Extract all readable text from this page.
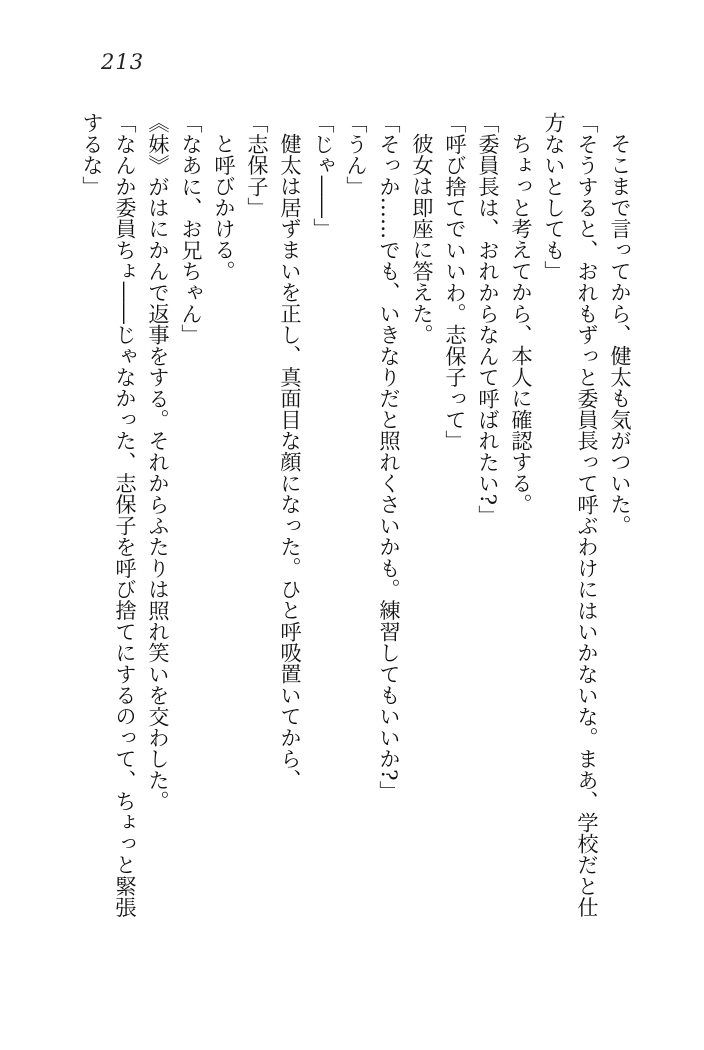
213
そこまで言ってから、健太も気がついた。
「そうすると、おれもずっと委員長って呼ぶわけにはいかないな。まあ、学校だと仕
方ないとしても」
ちょっと考えてから、本人に確認する。
「委員長は、おれからなんて呼ばれたい?」
「呼び捨てでいいわ。志保子って」
彼女は即座に答えた。
「そっか……でも、いきなりだと照れくさいかも。練習してもいいか?」
「うん」
「じゃ――」
健太は居ずまいを正し、真面目な顔になった。ひと呼吸置いてから、
「志保子」
と呼びかける。
「なあに、お兄ちゃん」
《妹》がはにかんで返事をする。それからふたりは照れ笑いを交わした。
「なんか委員ちょ――じゃなかった、志保子を呼び捨てにするのって、ちょっと緊張
するな」
